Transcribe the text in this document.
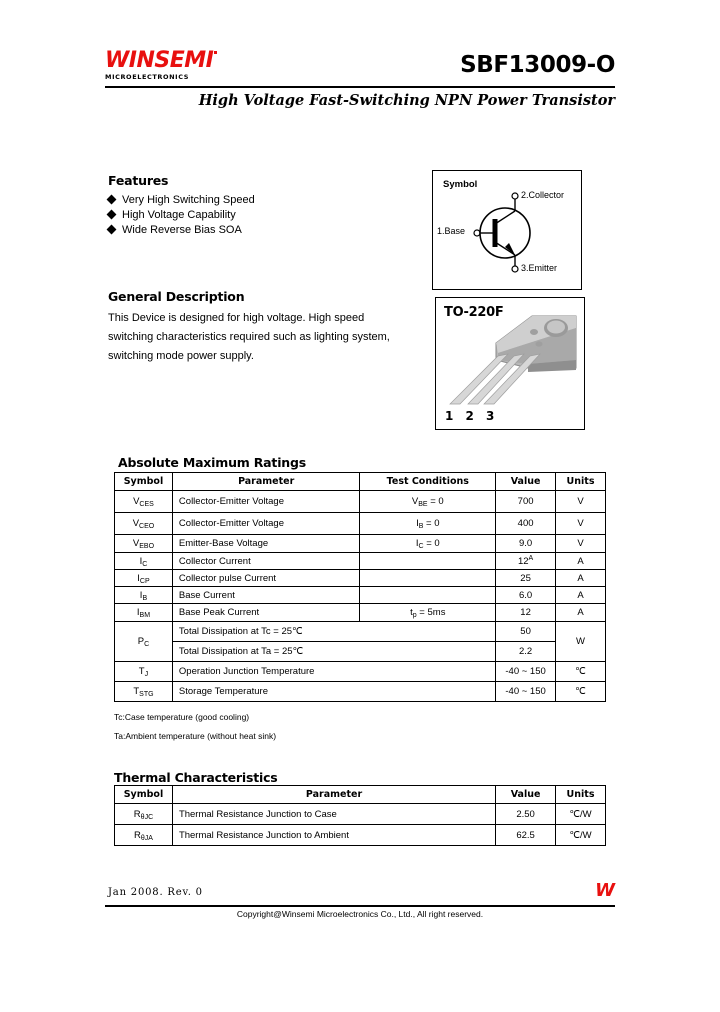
WINSEMI
MICROELECTRONICS	SBF13009-O
High Voltage Fast-Switching NPN Power Transistor
Features
Very High Switching Speed
High Voltage Capability
Wide Reverse Bias SOA
General Description

This Device is designed for high voltage. High speed

switching characteristics required such as lighting system,

switching mode power supply.

Symbol
1.Base
2.Collector
3.Emitter
TO-220F
1 2 3
Absolute Maximum Ratings
Symbol	Parameter	Test Conditions	Value	Units
$V_{CES}$	Collector-Emitter Voltage	$V_{BE} = 0$	700	V
$V_{CEO}$	Collector-Emitter Voltage	$I_B = 0$	400	V
$V_{EBO}$	Emitter-Base Voltage	$I_C = 0$	9.0	V
$I_C$	Collector Current		$12^A$	A
$I_{CP}$	Collector pulse Current		25	A
$I_B$	Base Current		6.0	A
$I_{BM}$	Base Peak Current	$t_p = 5ms$	12	A
$P_C$	Total Dissipation at Tc = 25℃		50	W
	Total Dissipation at Ta = 25℃		2.2	
$T_J$	Operation Junction Temperature		-40 ~ 150	℃
$T_{STG}$	Storage Temperature		-40 ~ 150	℃
Tc:Case temperature (good cooling)
Ta:Ambient temperature (without heat sink)
Thermal Characteristics
Symbol	Parameter	Value	Units
$R_{\theta JC}$	Thermal Resistance Junction to Case	2.50	℃/W
$R_{\theta JA}$	Thermal Resistance Junction to Ambient	62.5	℃/W
Jan 2008. Rev. 0	W
Copyright@Winsemi Microelectronics Co., Ltd., All right reserved.
